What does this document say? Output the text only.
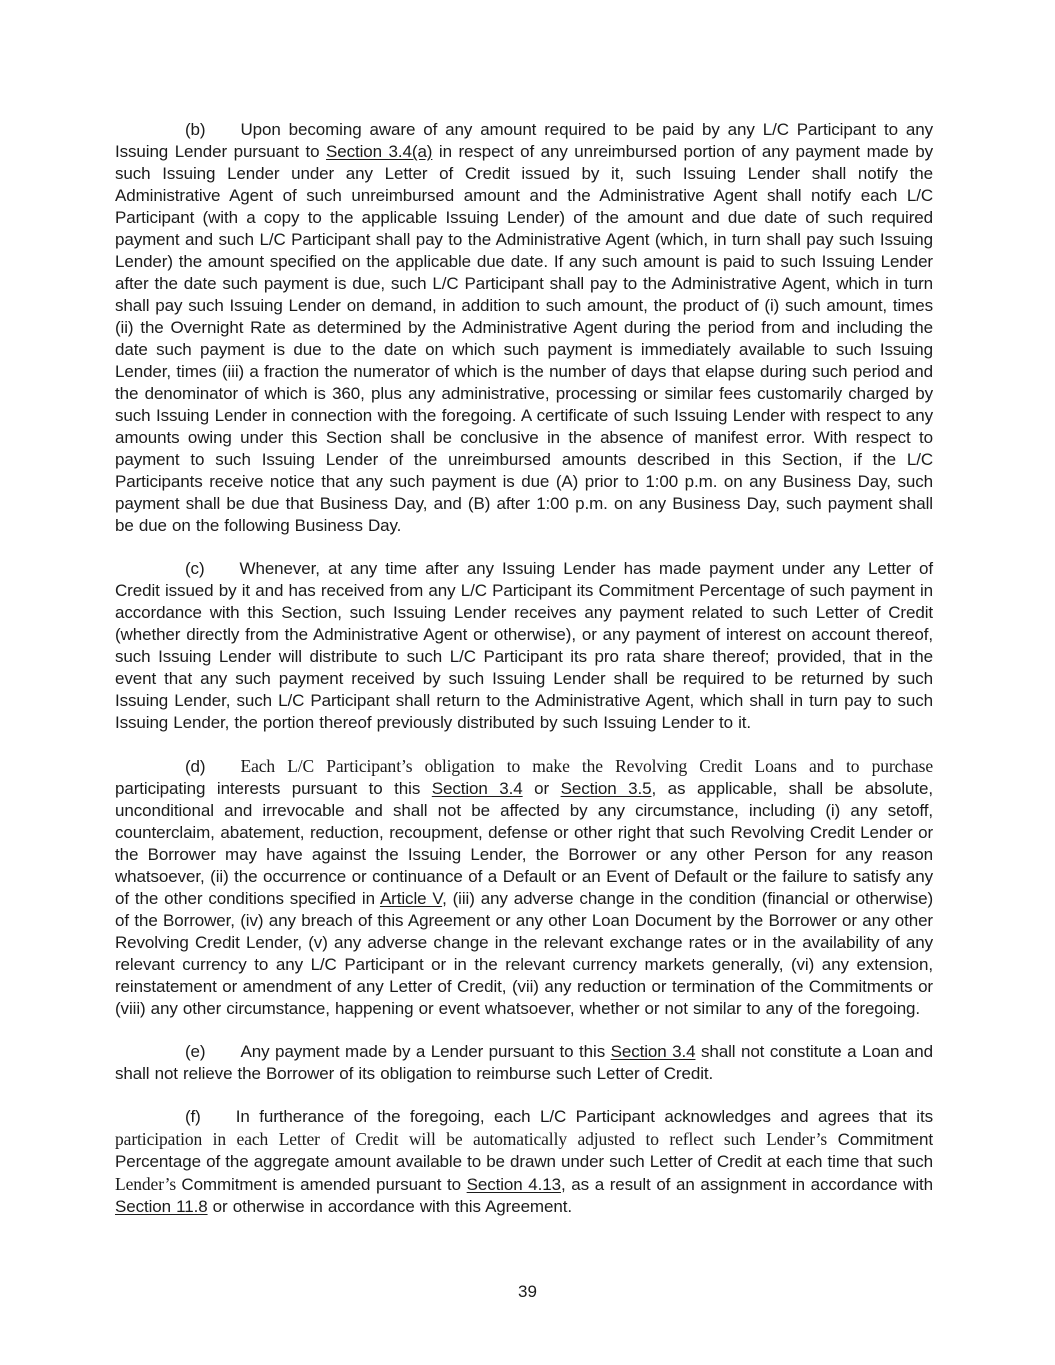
(b) Upon becoming aware of any amount required to be paid by any L/C Participant to any Issuing Lender pursuant to Section 3.4(a) in respect of any unreimbursed portion of any payment made by such Issuing Lender under any Letter of Credit issued by it, such Issuing Lender shall notify the Administrative Agent of such unreimbursed amount and the Administrative Agent shall notify each L/C Participant (with a copy to the applicable Issuing Lender) of the amount and due date of such required payment and such L/C Participant shall pay to the Administrative Agent (which, in turn shall pay such Issuing Lender) the amount specified on the applicable due date. If any such amount is paid to such Issuing Lender after the date such payment is due, such L/C Participant shall pay to the Administrative Agent, which in turn shall pay such Issuing Lender on demand, in addition to such amount, the product of (i) such amount, times (ii) the Overnight Rate as determined by the Administrative Agent during the period from and including the date such payment is due to the date on which such payment is immediately available to such Issuing Lender, times (iii) a fraction the numerator of which is the number of days that elapse during such period and the denominator of which is 360, plus any administrative, processing or similar fees customarily charged by such Issuing Lender in connection with the foregoing. A certificate of such Issuing Lender with respect to any amounts owing under this Section shall be conclusive in the absence of manifest error. With respect to payment to such Issuing Lender of the unreimbursed amounts described in this Section, if the L/C Participants receive notice that any such payment is due (A) prior to 1:00 p.m. on any Business Day, such payment shall be due that Business Day, and (B) after 1:00 p.m. on any Business Day, such payment shall be due on the following Business Day.

(c) Whenever, at any time after any Issuing Lender has made payment under any Letter of Credit issued by it and has received from any L/C Participant its Commitment Percentage of such payment in accordance with this Section, such Issuing Lender receives any payment related to such Letter of Credit (whether directly from the Administrative Agent or otherwise), or any payment of interest on account thereof, such Issuing Lender will distribute to such L/C Participant its pro rata share thereof; provided, that in the event that any such payment received by such Issuing Lender shall be required to be returned by such Issuing Lender, such L/C Participant shall return to the Administrative Agent, which shall in turn pay to such Issuing Lender, the portion thereof previously distributed by such Issuing Lender to it.

(d) Each L/C Participant’s obligation to make the Revolving Credit Loans and to purchase participating interests pursuant to this Section 3.4 or Section 3.5, as applicable, shall be absolute, unconditional and irrevocable and shall not be affected by any circumstance, including (i) any setoff, counterclaim, abatement, reduction, recoupment, defense or other right that such Revolving Credit Lender or the Borrower may have against the Issuing Lender, the Borrower or any other Person for any reason whatsoever, (ii) the occurrence or continuance of a Default or an Event of Default or the failure to satisfy any of the other conditions specified in Article V, (iii) any adverse change in the condition (financial or otherwise) of the Borrower, (iv) any breach of this Agreement or any other Loan Document by the Borrower or any other Revolving Credit Lender, (v) any adverse change in the relevant exchange rates or in the availability of any relevant currency to any L/C Participant or in the relevant currency markets generally, (vi) any extension, reinstatement or amendment of any Letter of Credit, (vii) any reduction or termination of the Commitments or (viii) any other circumstance, happening or event whatsoever, whether or not similar to any of the foregoing.

(e) Any payment made by a Lender pursuant to this Section 3.4 shall not constitute a Loan and shall not relieve the Borrower of its obligation to reimburse such Letter of Credit.

(f) In furtherance of the foregoing, each L/C Participant acknowledges and agrees that its participation in each Letter of Credit will be automatically adjusted to reflect such Lender’s Commitment Percentage of the aggregate amount available to be drawn under such Letter of Credit at each time that such Lender’s Commitment is amended pursuant to Section 4.13, as a result of an assignment in accordance with Section 11.8 or otherwise in accordance with this Agreement.

39
